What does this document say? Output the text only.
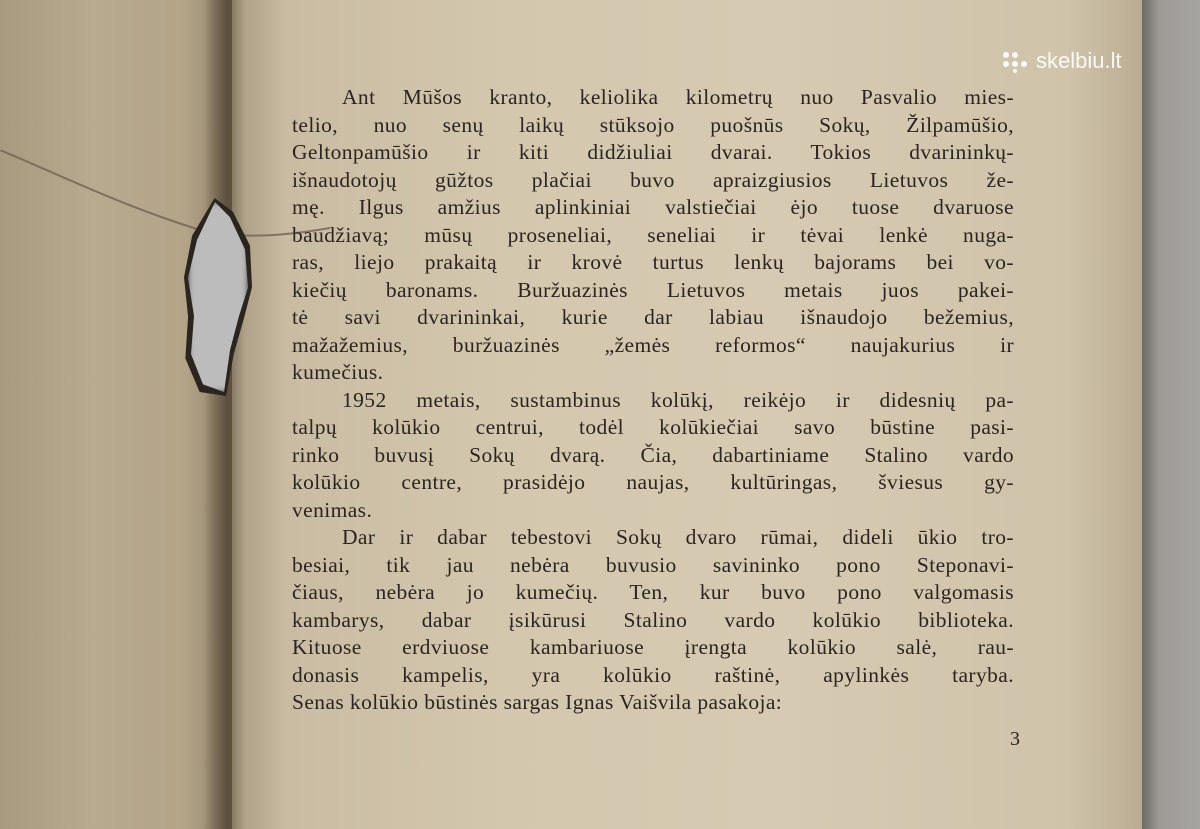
skelbiu.lt
Ant Mūšos kranto, keliolika kilometrų nuo Pasvalio mies-
telio, nuo senų laikų stūksojo puošnūs Sokų, Žilpamūšio,
Geltonpamūšio ir kiti didžiuliai dvarai. Tokios dvarininkų-
išnaudotojų gūžtos plačiai buvo apraizgiusios Lietuvos že-
mę. Ilgus amžius aplinkiniai valstiečiai ėjo tuose dvaruose
baudžiavą; mūsų proseneliai, seneliai ir tėvai lenkė nuga-
ras, liejo prakaitą ir krovė turtus lenkų bajorams bei vo-
kiečių baronams. Buržuazinės Lietuvos metais juos pakei-
tė savi dvarininkai, kurie dar labiau išnaudojo bežemius,
mažažemius, buržuazinės „žemės reformos“ naujakurius ir
kumečius.
1952 metais, sustambinus kolūkį, reikėjo ir didesnių pa-
talpų kolūkio centrui, todėl kolūkiečiai savo būstine pasi-
rinko buvusį Sokų dvarą. Čia, dabartiniame Stalino vardo
kolūkio centre, prasidėjo naujas, kultūringas, šviesus gy-
venimas.
Dar ir dabar tebestovi Sokų dvaro rūmai, dideli ūkio tro-
besiai, tik jau nebėra buvusio savininko pono Steponavi-
čiaus, nebėra jo kumečių. Ten, kur buvo pono valgomasis
kambarys, dabar įsikūrusi Stalino vardo kolūkio biblioteka.
Kituose erdviuose kambariuose įrengta kolūkio salė, rau-
donasis kampelis, yra kolūkio raštinė, apylinkės taryba.
Senas kolūkio būstinės sargas Ignas Vaišvila pasakoja:
3
